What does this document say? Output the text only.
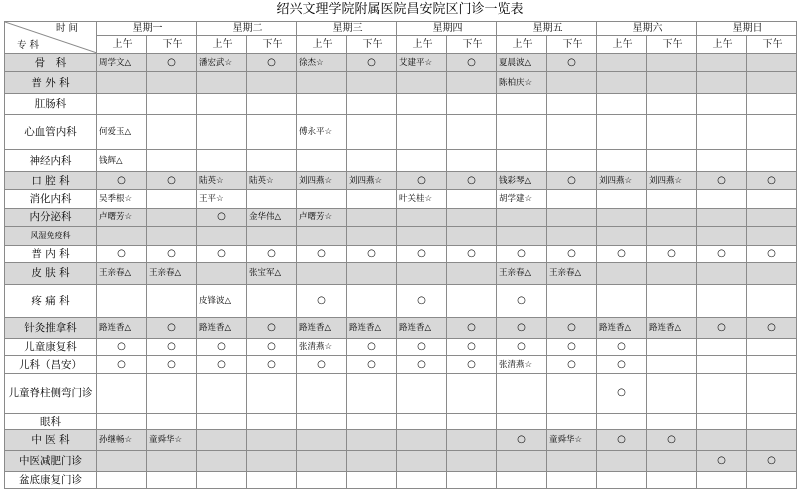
绍兴文理学院附属医院昌安院区门诊一览表
时 间
专 科	星期一		星期二		星期三		星期四		星期五		星期六		星期日	
	上午	下午	上午	下午	上午	下午	上午	下午	上午	下午	上午	下午	上午	下午
骨　科	周学文△	○	潘宏武☆	○	徐杰☆	○	艾建平☆	○	夏晨波△	○				
普 外 科									陈柏庆☆					
肛肠科														
心血管内科	何爱玉△				傅永平☆									
神经内科	钱辉△													
口 腔 科	○	○	陆英☆	陆英☆	刘四燕☆	刘四燕☆	○	○	钱彩琴△	○	刘四燕☆	刘四燕☆	○	○
消化内科	吴季根☆		王平☆				叶关桂☆		胡学建☆					
内分泌科	卢曙芳☆		○	金华伟△	卢曙芳☆									
风湿免疫科														
普 内 科	○	○	○	○	○	○	○	○	○	○	○	○	○	○
皮 肤 科	王亲春△	王亲春△		张宝军△					王亲春△	王亲春△				
疼 痛 科			皮锋波△		○		○		○					
针灸推拿科	路连香△	○	路连香△	○	路连香△	路连香△	路连香△	○	○	○	路连香△	路连香△	○	○
儿童康复科	○	○	○	○	张清燕☆	○	○	○	○	○	○			
儿科（昌安）	○	○	○	○	○	○	○	○	张清燕☆	○	○			
儿童脊柱侧弯门诊											○			
眼科														
中 医 科	孙继畅☆	童舜华☆							○	童舜华☆	○	○		
中医减肥门诊													○	○
盆底康复门诊														
